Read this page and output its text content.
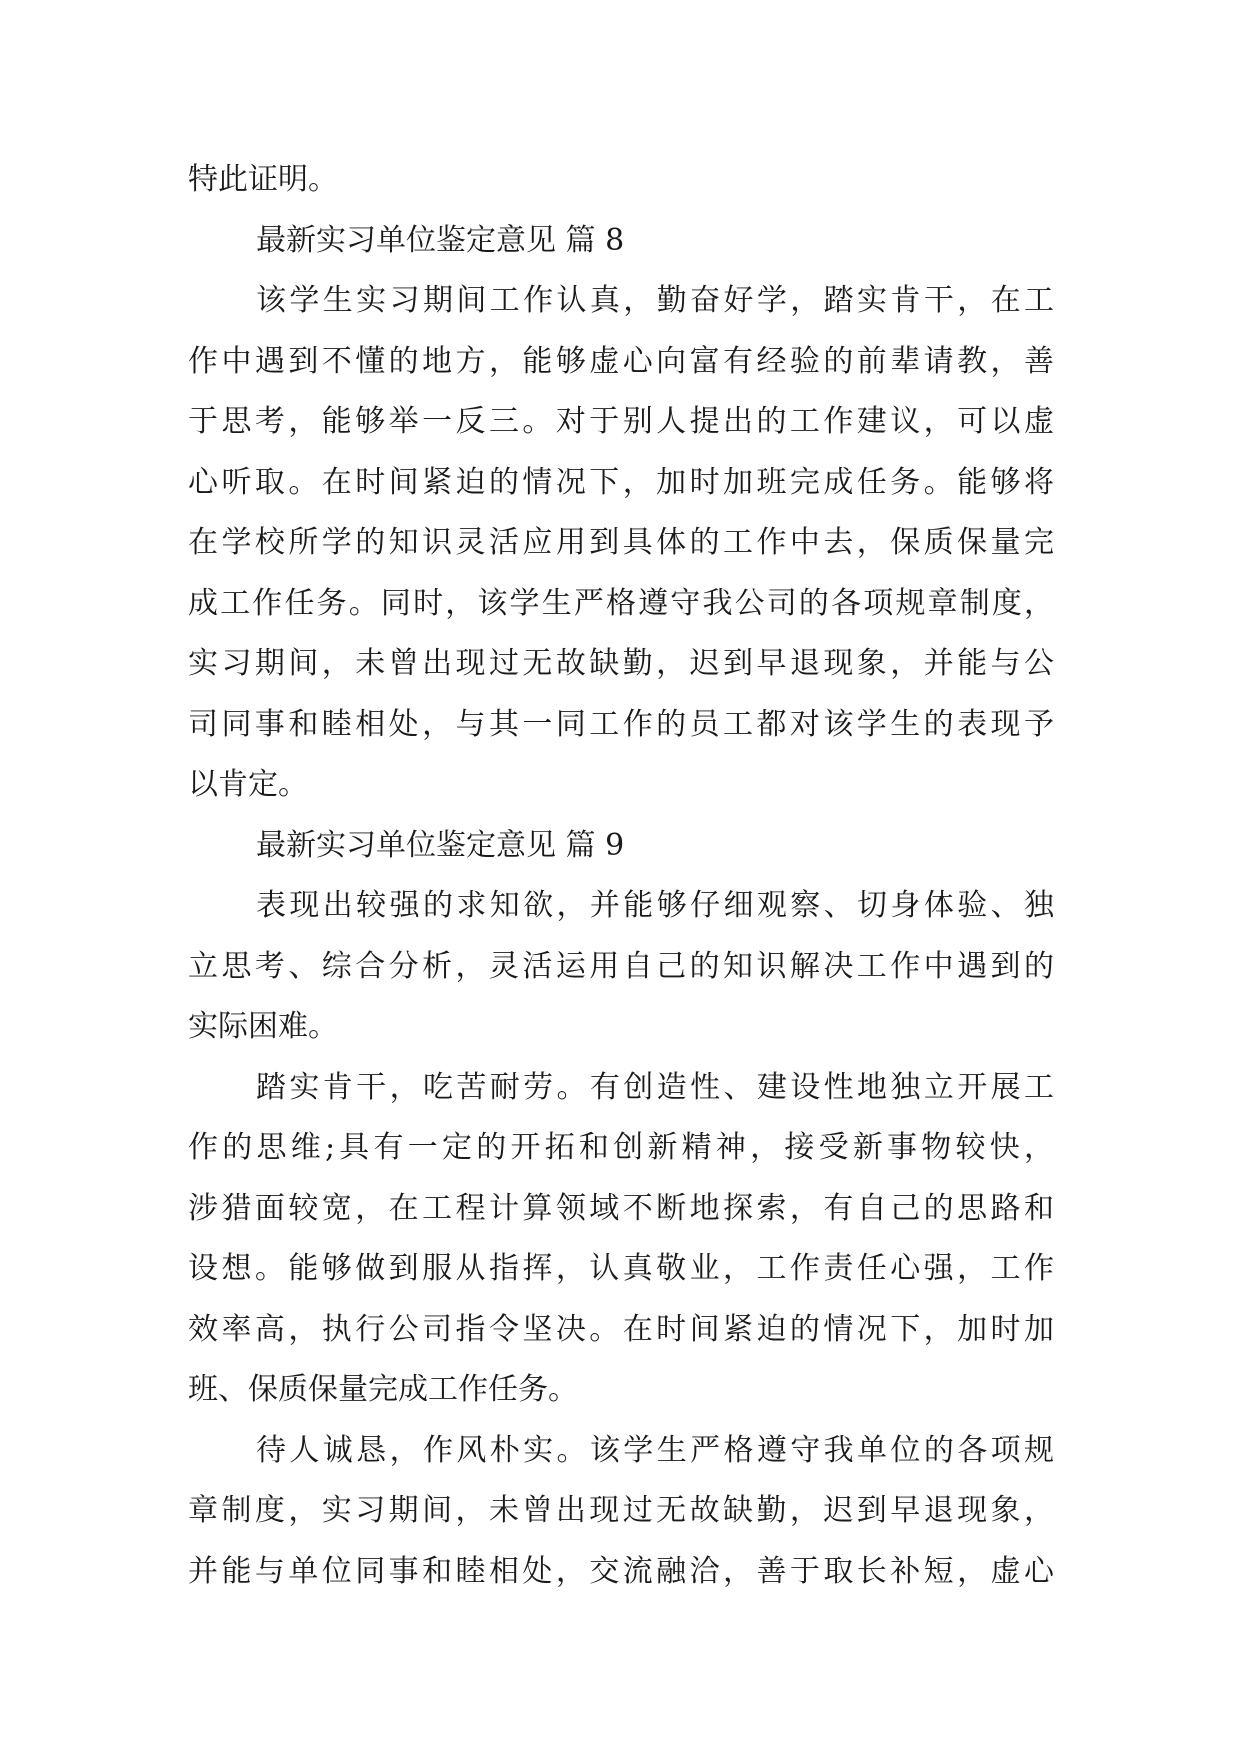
特此证明。
最新实习单位鉴定意见 篇 8
该学生实习期间工作认真，勤奋好学，踏实肯干，在工
作中遇到不懂的地方，能够虚心向富有经验的前辈请教，善
于思考，能够举一反三。对于别人提出的工作建议，可以虚
心听取。在时间紧迫的情况下，加时加班完成任务。能够将
在学校所学的知识灵活应用到具体的工作中去，保质保量完
成工作任务。同时，该学生严格遵守我公司的各项规章制度，
实习期间，未曾出现过无故缺勤，迟到早退现象，并能与公
司同事和睦相处，与其一同工作的员工都对该学生的表现予
以肯定。
最新实习单位鉴定意见 篇 9
表现出较强的求知欲，并能够仔细观察、切身体验、独
立思考、综合分析，灵活运用自己的知识解决工作中遇到的
实际困难。
踏实肯干，吃苦耐劳。有创造性、建设性地独立开展工
作的思维;具有一定的开拓和创新精神，接受新事物较快，
涉猎面较宽，在工程计算领域不断地探索，有自己的思路和
设想。能够做到服从指挥，认真敬业，工作责任心强，工作
效率高，执行公司指令坚决。在时间紧迫的情况下，加时加
班、保质保量完成工作任务。
待人诚恳，作风朴实。该学生严格遵守我单位的各项规
章制度，实习期间，未曾出现过无故缺勤，迟到早退现象，
并能与单位同事和睦相处，交流融洽，善于取长补短，虚心
